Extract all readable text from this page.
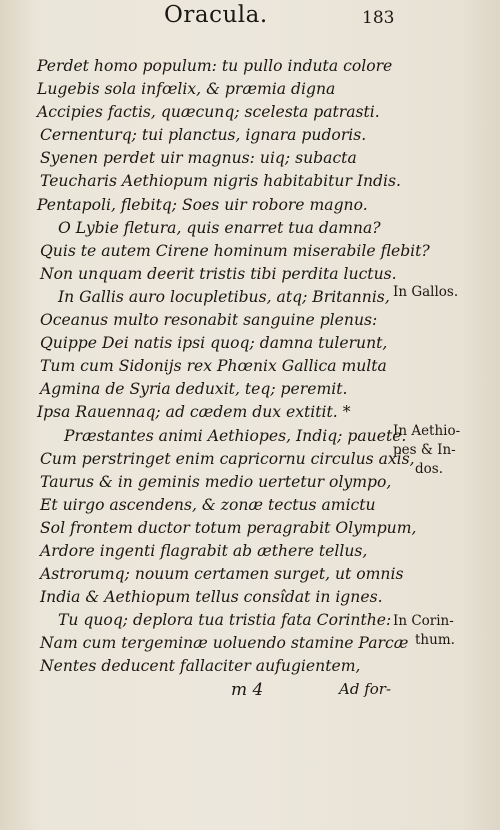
Oracula.	183
Perdet homo populum: tu pullo induta colore
Lugebis sola infœlix, & præmia digna
Accipies factis, quæcunq; scelesta patrasti.
Cernenturq; tui planctus, ignara pudoris.
Syenen perdet uir magnus: uiq; subacta
Teucharis Aethiopum nigris habitabitur Indis.
Pentapoli, flebitq; Soes uir robore magno.
O Lybie fletura, quis enarret tua damna?
Quis te autem Cirene hominum miserabile flebit?
Non unquam deerit tristis tibi perdita luctus.
In Gallis auro locupletibus, atq; Britannis,
Oceanus multo resonabit sanguine plenus:
Quippe Dei natis ipsi quoq; damna tulerunt,
Tum cum Sidonijs rex Phœnix Gallica multa
Agmina de Syria deduxit, teq; peremit.
Ipsa Rauennaq; ad cædem dux extitit. *
Præstantes animi Aethiopes, Indiq; pauete.
Cum perstringet enim capricornu circulus axis,
Taurus & in geminis medio uertetur olympo,
Et uirgo ascendens, & zonæ tectus amictu
Sol frontem ductor totum peragrabit Olympum,
Ardore ingenti flagrabit ab æthere tellus,
Astrorumq; nouum certamen surget, ut omnis
India & Aethiopum tellus consîdat in ignes.
Tu quoq; deplora tua tristia fata Corinthe:
Nam cum tergeminæ uoluendo stamine Parcæ
Nentes deducent fallaciter aufugientem,
In Gallos.
In Aethio-
pes & In-
dos.
In Corin-
thum.
m 4	Ad for-
